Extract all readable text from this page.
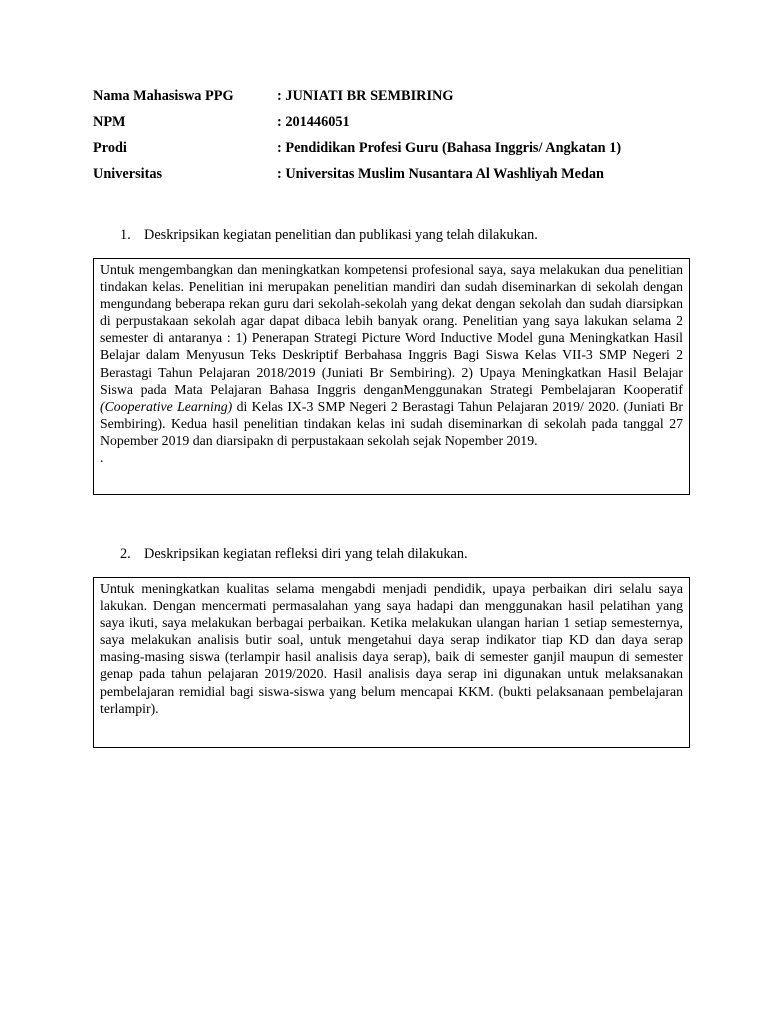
Nama Mahasiswa PPG	: JUNIATI BR SEMBIRING
NPM	: 201446051
Prodi	: Pendidikan Profesi Guru (Bahasa Inggris/ Angkatan 1)
Universitas	: Universitas Muslim Nusantara Al Washliyah Medan
1. Deskripsikan kegiatan penelitian dan publikasi yang telah dilakukan.

Untuk mengembangkan dan meningkatkan kompetensi profesional saya, saya melakukan dua penelitian tindakan kelas. Penelitian ini merupakan penelitian mandiri dan sudah diseminarkan di sekolah dengan mengundang beberapa rekan guru dari sekolah-sekolah yang dekat dengan sekolah dan sudah diarsipkan di perpustakaan sekolah agar dapat dibaca lebih banyak orang. Penelitian yang saya lakukan selama 2 semester di antaranya : 1) Penerapan Strategi Picture Word Inductive Model guna Meningkatkan Hasil Belajar dalam Menyusun Teks Deskriptif Berbahasa Inggris Bagi Siswa Kelas VII-3 SMP Negeri 2 Berastagi Tahun Pelajaran 2018/2019 (Juniati Br Sembiring). 2) Upaya Meningkatkan Hasil Belajar Siswa pada Mata Pelajaran Bahasa Inggris denganMenggunakan Strategi Pembelajaran Kooperatif (Cooperative Learning) di Kelas IX-3 SMP Negeri 2 Berastagi Tahun Pelajaran 2019/ 2020. (Juniati Br Sembiring). Kedua hasil penelitian tindakan kelas ini sudah diseminarkan di sekolah pada tanggal 27 Nopember 2019 dan diarsipakn di perpustakaan sekolah sejak Nopember 2019.

.

2. Deskripsikan kegiatan refleksi diri yang telah dilakukan.

Untuk meningkatkan kualitas selama mengabdi menjadi pendidik, upaya perbaikan diri selalu saya lakukan. Dengan mencermati permasalahan yang saya hadapi dan menggunakan hasil pelatihan yang saya ikuti, saya melakukan berbagai perbaikan. Ketika melakukan ulangan harian 1 setiap semesternya, saya melakukan analisis butir soal, untuk mengetahui daya serap indikator tiap KD dan daya serap masing-masing siswa (terlampir hasil analisis daya serap), baik di semester ganjil maupun di semester genap pada tahun pelajaran 2019/2020. Hasil analisis daya serap ini digunakan untuk melaksanakan pembelajaran remidial bagi siswa-siswa yang belum mencapai KKM. (bukti pelaksanaan pembelajaran terlampir).
